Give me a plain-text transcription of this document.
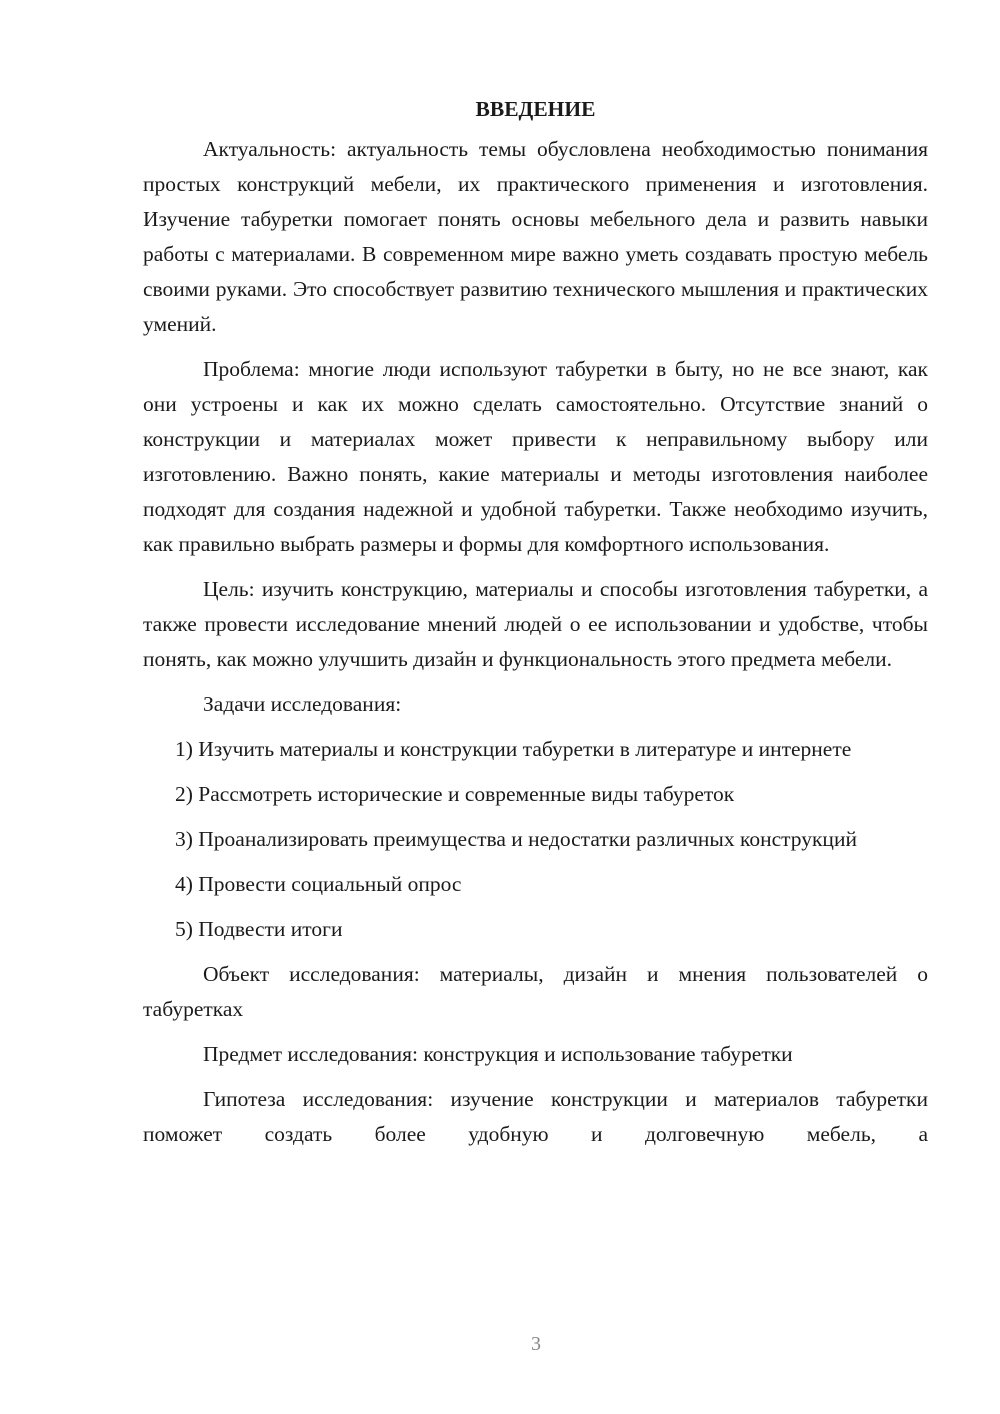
ВВЕДЕНИЕ

Актуальность: актуальность темы обусловлена необходимостью понимания простых конструкций мебели, их практического применения и изготовления. Изучение табуретки помогает понять основы мебельного дела и развить навыки работы с материалами. В современном мире важно уметь создавать простую мебель своими руками. Это способствует развитию технического мышления и практических умений.

Проблема: многие люди используют табуретки в быту, но не все знают, как они устроены и как их можно сделать самостоятельно. Отсутствие знаний о конструкции и материалах может привести к неправильному выбору или изготовлению. Важно понять, какие материалы и методы изготовления наиболее подходят для создания надежной и удобной табуретки. Также необходимо изучить, как правильно выбрать размеры и формы для комфортного использования.

Цель: изучить конструкцию, материалы и способы изготовления табуретки, а также провести исследование мнений людей о ее использовании и удобстве, чтобы понять, как можно улучшить дизайн и функциональность этого предмета мебели.

Задачи исследования:

1) Изучить материалы и конструкции табуретки в литературе и интернете

2) Рассмотреть исторические и современные виды табуреток

3) Проанализировать преимущества и недостатки различных конструкций

4) Провести социальный опрос

5) Подвести итоги

Объект исследования: материалы, дизайн и мнения пользователей о табуретках

Предмет исследования: конструкция и использование табуретки

Гипотеза исследования: изучение конструкции и материалов табуретки поможет создать более удобную и долговечную мебель, а

3
